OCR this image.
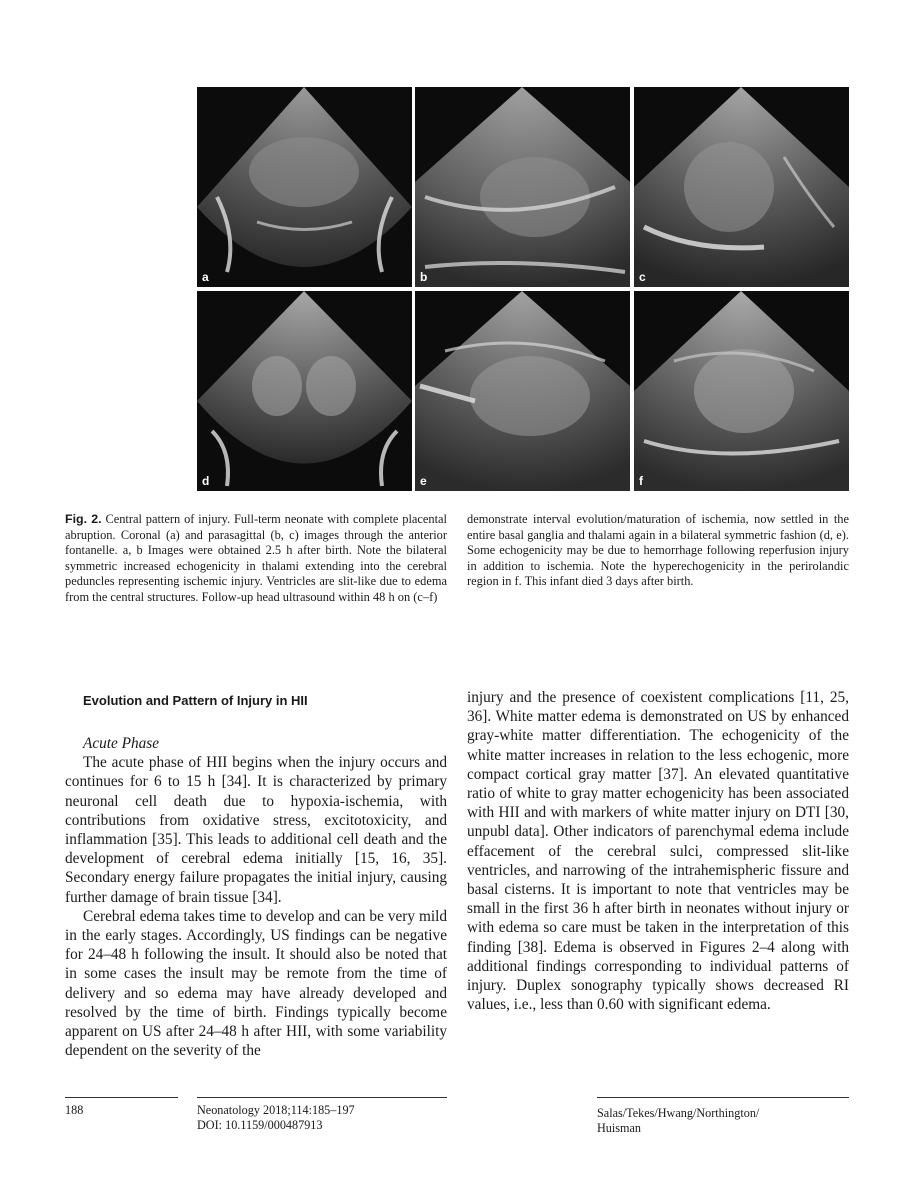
a	b	c
d	e	f
Fig. 2. Central pattern of injury. Full-term neonate with complete placental abruption. Coronal (a) and parasagittal (b, c) images through the anterior fontanelle. a, b Images were obtained 2.5 h after birth. Note the bilateral symmetric increased echogenicity in thalami extending into the cerebral peduncles representing ischemic injury. Ventricles are slit-like due to edema from the central structures. Follow-up head ultrasound within 48 h on (c–f)
demonstrate interval evolution/maturation of ischemia, now settled in the entire basal ganglia and thalami again in a bilateral symmetric fashion (d, e). Some echogenicity may be due to hemorrhage following reperfusion injury in addition to ischemia. Note the hyperechogenicity in the perirolandic region in f. This infant died 3 days after birth.
Evolution and Pattern of Injury in HII
Acute Phase

The acute phase of HII begins when the injury occurs and continues for 6 to 15 h [34]. It is characterized by primary neuronal cell death due to hypoxia-ischemia, with contributions from oxidative stress, excitotoxicity, and inflammation [35]. This leads to additional cell death and the development of cerebral edema initially [15, 16, 35]. Secondary energy failure propagates the initial injury, causing further damage of brain tissue [34].

Cerebral edema takes time to develop and can be very mild in the early stages. Accordingly, US findings can be negative for 24–48 h following the insult. It should also be noted that in some cases the insult may be remote from the time of delivery and so edema may have already developed and resolved by the time of birth. Findings typically become apparent on US after 24–48 h after HII, with some variability dependent on the severity of the

injury and the presence of coexistent complications [11, 25, 36]. White matter edema is demonstrated on US by enhanced gray-white matter differentiation. The echogenicity of the white matter increases in relation to the less echogenic, more compact cortical gray matter [37]. An elevated quantitative ratio of white to gray matter echogenicity has been associated with HII and with markers of white matter injury on DTI [30, unpubl data]. Other indicators of parenchymal edema include effacement of the cerebral sulci, compressed slit-like ventricles, and narrowing of the intrahemispheric fissure and basal cisterns. It is important to note that ventricles may be small in the first 36 h after birth in neonates without injury or with edema so care must be taken in the interpretation of this finding [38]. Edema is observed in Figures 2–4 along with additional findings corresponding to individual patterns of injury. Duplex sonography typically shows decreased RI values, i.e., less than 0.60 with significant edema.

188	Neonatology 2018;114:185–197
DOI: 10.1159/000487913
Salas/Tekes/Hwang/Northington/
Huisman
